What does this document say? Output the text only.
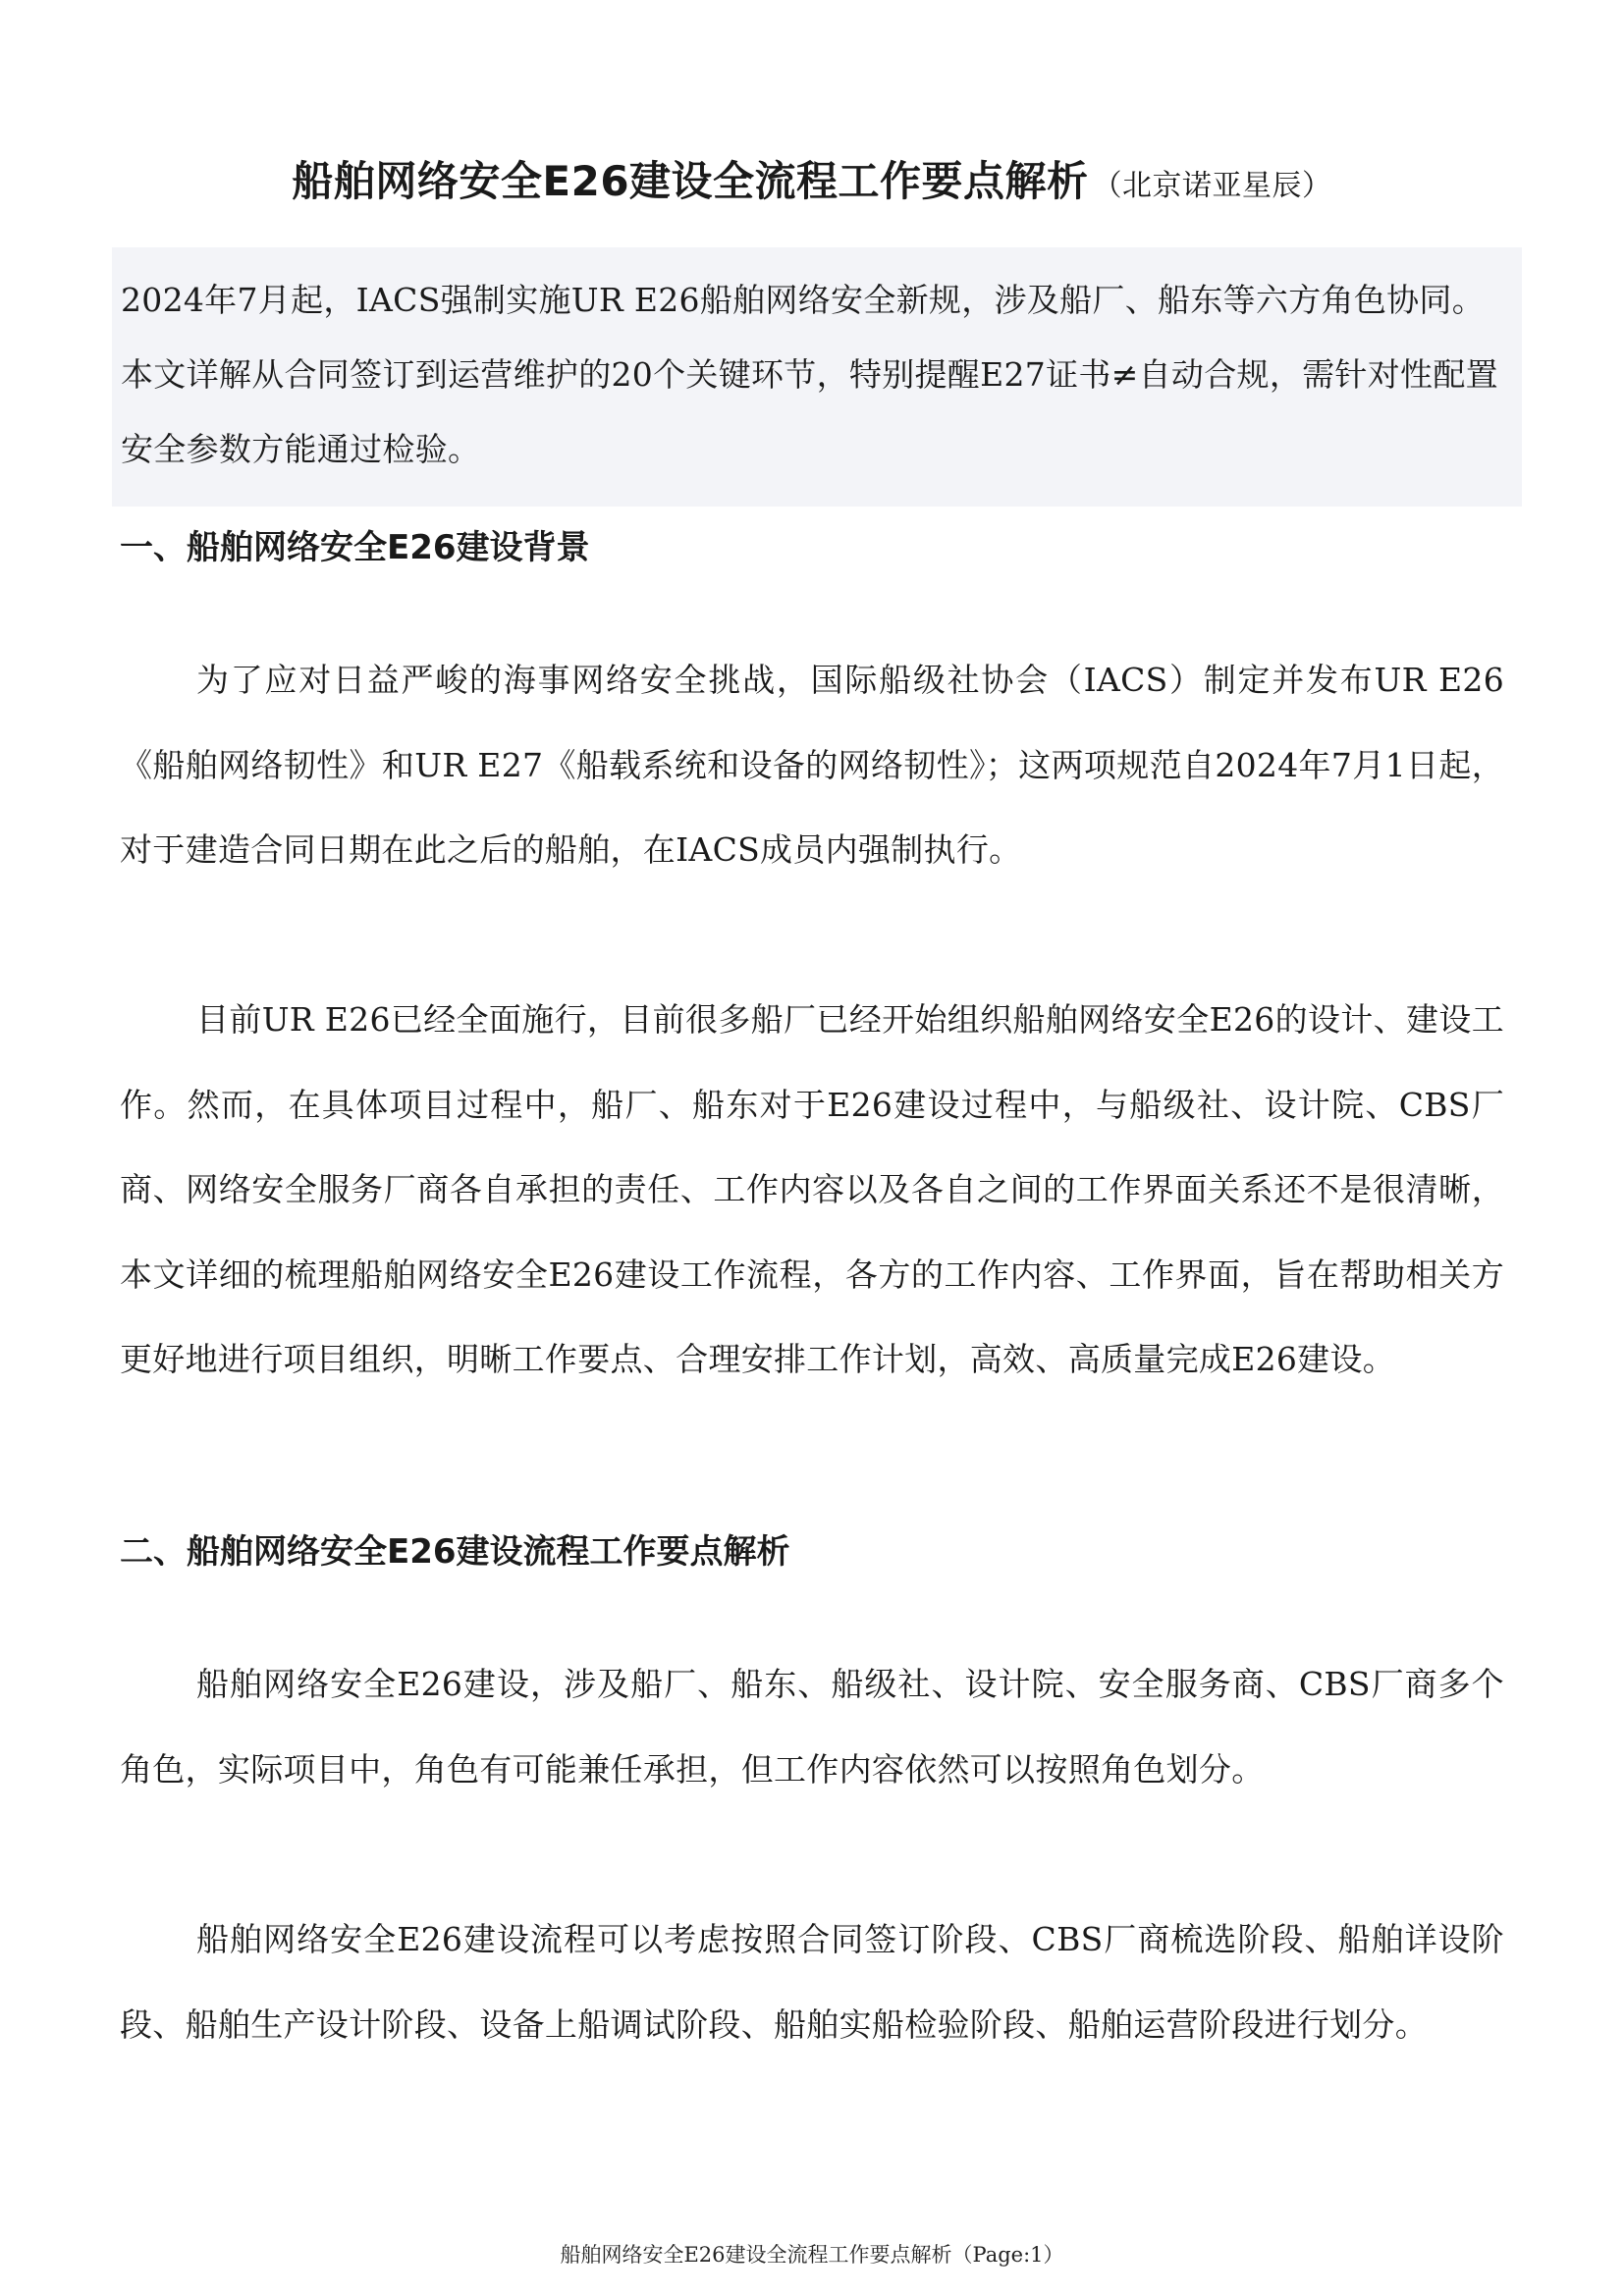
船舶网络安全E26建设全流程工作要点解析 （北京诺亚星辰）
2024年7月起，IACS强制实施UR E26船舶网络安全新规，涉及船厂、船东等六方角色协同。本文详解从合同签订到运营维护的20个关键环节，特别提醒E27证书≠自动合规，需针对性配置安全参数方能通过检验。
一、船舶网络安全E26建设背景

为了应对日益严峻的海事网络安全挑战，国际船级社协会（IACS）制定并发布UR E26《船舶网络韧性》和UR E27《船载系统和设备的网络韧性》；这两项规范自2024年7月1日起，对于建造合同日期在此之后的船舶，在IACS成员内强制执行。

目前UR E26已经全面施行，目前很多船厂已经开始组织船舶网络安全E26的设计、建设工作。然而，在具体项目过程中，船厂、船东对于E26建设过程中，与船级社、设计院、CBS厂商、网络安全服务厂商各自承担的责任、工作内容以及各自之间的工作界面关系还不是很清晰，本文详细的梳理船舶网络安全E26建设工作流程，各方的工作内容、工作界面，旨在帮助相关方更好地进行项目组织，明晰工作要点、合理安排工作计划，高效、高质量完成E26建设。

二、船舶网络安全E26建设流程工作要点解析

船舶网络安全E26建设，涉及船厂、船东、船级社、设计院、安全服务商、CBS厂商多个角色，实际项目中，角色有可能兼任承担，但工作内容依然可以按照角色划分。

船舶网络安全E26建设流程可以考虑按照合同签订阶段、CBS厂商梳选阶段、船舶详设阶段、船舶生产设计阶段、设备上船调试阶段、船舶实船检验阶段、船舶运营阶段进行划分。

船舶网络安全E26建设全流程工作要点解析（Page:1）
